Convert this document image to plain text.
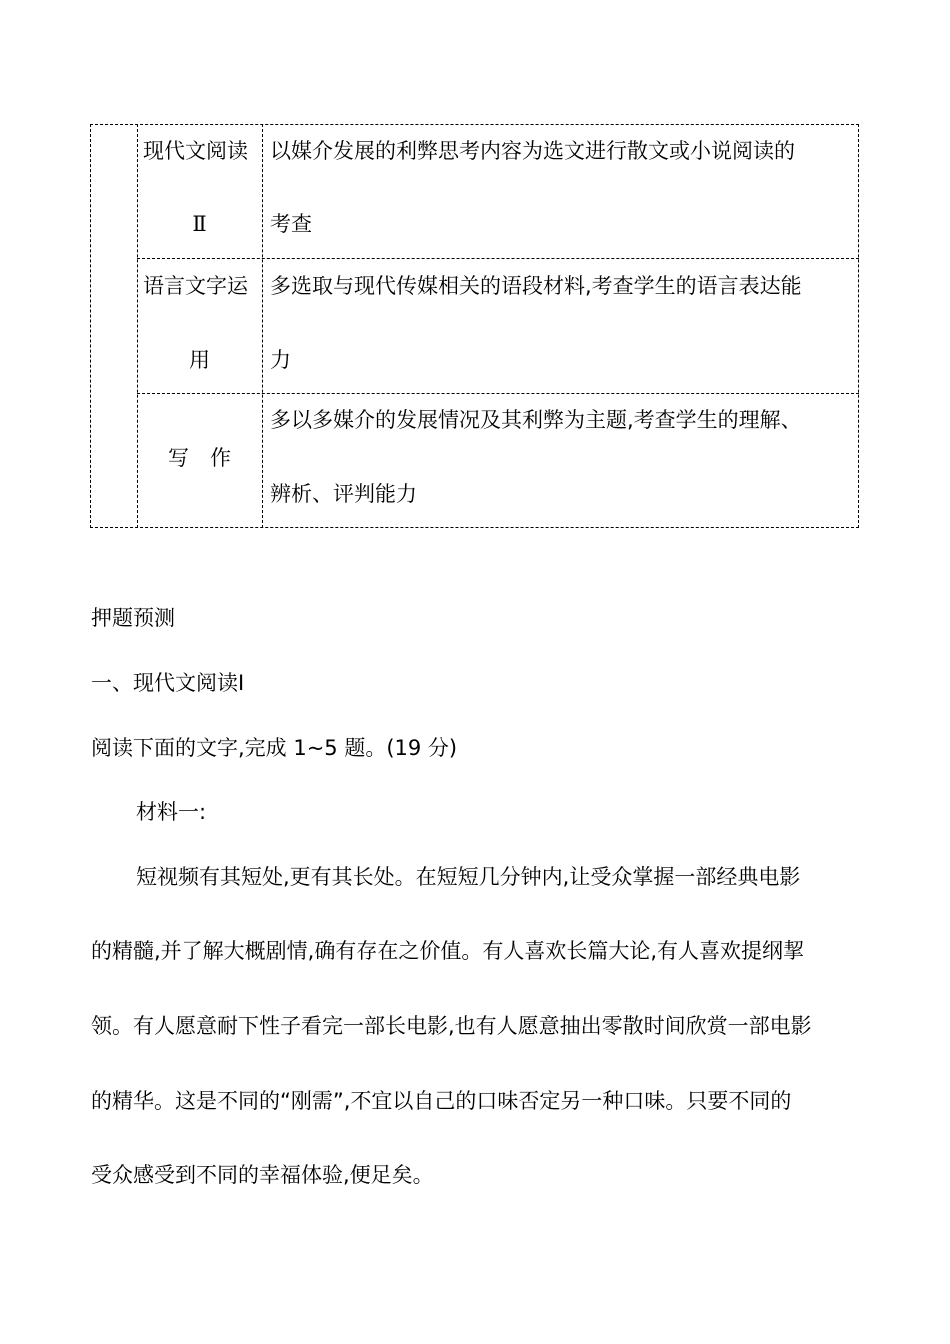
现代文阅读
Ⅱ
以媒介发展的利弊思考内容为选文进行散文或小说阅读的
考查
语言文字运
用
多选取与现代传媒相关的语段材料,考查学生的语言表达能
力
写　作
多以多媒介的发展情况及其利弊为主题,考查学生的理解、
辨析、评判能力
押题预测
一、现代文阅读Ⅰ
阅读下面的文字,完成 1~5 题。(19 分)
材料一:
短视频有其短处,更有其长处。在短短几分钟内,让受众掌握一部经典电影
的精髓,并了解大概剧情,确有存在之价值。有人喜欢长篇大论,有人喜欢提纲挈
领。有人愿意耐下性子看完一部长电影,也有人愿意抽出零散时间欣赏一部电影
的精华。这是不同的“刚需”,不宜以自己的口味否定另一种口味。只要不同的
受众感受到不同的幸福体验,便足矣。
